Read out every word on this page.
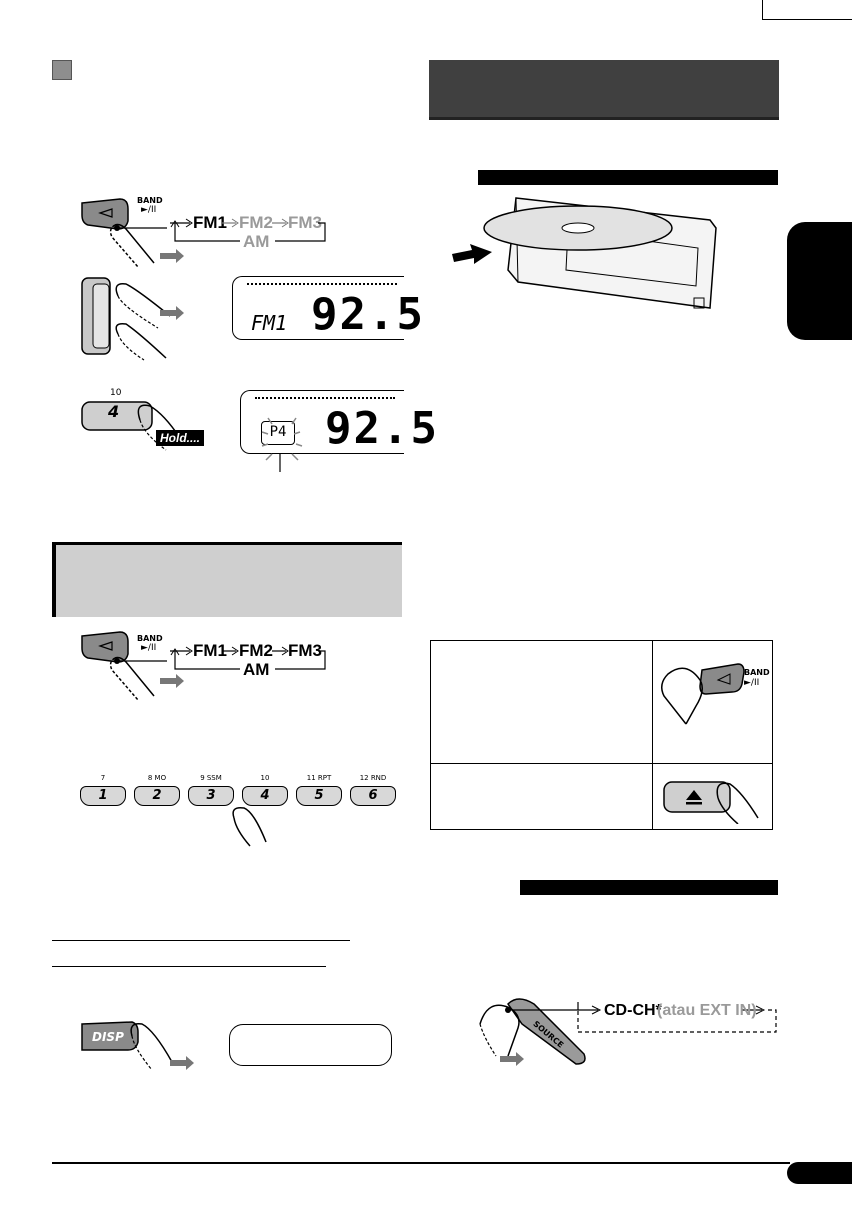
BAND
►/II
FM1 FM2 FM3
AM
FM1 92.5
10
4
Hold....	P4 92.5
BAND
►/II FM1 FM2 FM3
AM
7
1
8 MO
2
9 SSM
3
10
4
11 RPT
5
12 RND
6
DISP
BAND
►/II
SOURCE
CD-CH*
(atau EXT IN)
